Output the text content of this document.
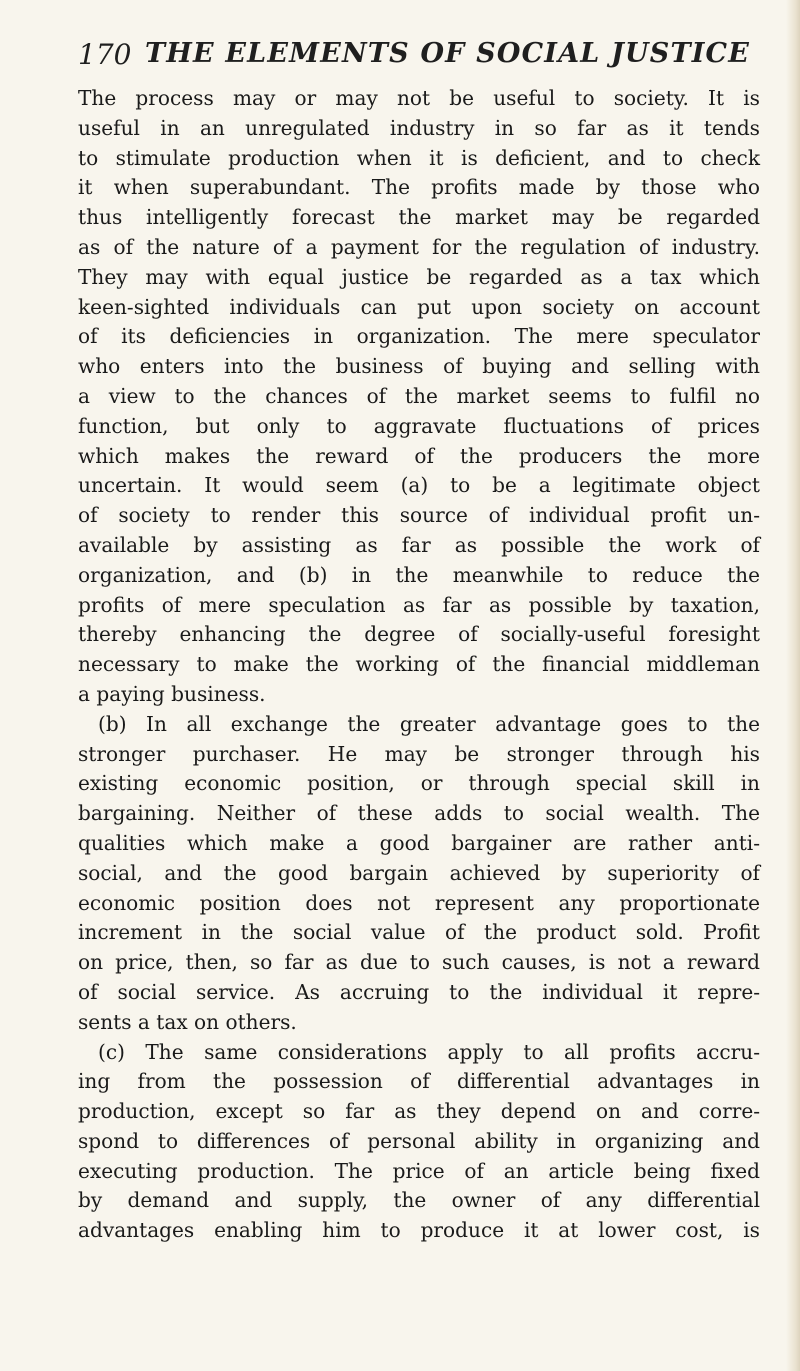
170 THE ELEMENTS OF SOCIAL JUSTICE
The process may or may not be useful to society. It is
useful in an unregulated industry in so far as it tends
to stimulate production when it is deficient, and to check
it when superabundant. The profits made by those who
thus intelligently forecast the market may be regarded
as of the nature of a payment for the regulation of industry.
They may with equal justice be regarded as a tax which
keen-sighted individuals can put upon society on account
of its deficiencies in organization. The mere speculator
who enters into the business of buying and selling with
a view to the chances of the market seems to fulfil no
function, but only to aggravate fluctuations of prices
which makes the reward of the producers the more
uncertain. It would seem (a) to be a legitimate object
of society to render this source of individual profit un-
available by assisting as far as possible the work of
organization, and (b) in the meanwhile to reduce the
profits of mere speculation as far as possible by taxation,
thereby enhancing the degree of socially-useful foresight
necessary to make the working of the financial middleman
a paying business.
(b) In all exchange the greater advantage goes to the
stronger purchaser. He may be stronger through his
existing economic position, or through special skill in
bargaining. Neither of these adds to social wealth. The
qualities which make a good bargainer are rather anti-
social, and the good bargain achieved by superiority of
economic position does not represent any proportionate
increment in the social value of the product sold. Profit
on price, then, so far as due to such causes, is not a reward
of social service. As accruing to the individual it repre-
sents a tax on others.
(c) The same considerations apply to all profits accru-
ing from the possession of differential advantages in
production, except so far as they depend on and corre-
spond to differences of personal ability in organizing and
executing production. The price of an article being fixed
by demand and supply, the owner of any differential
advantages enabling him to produce it at lower cost, is
